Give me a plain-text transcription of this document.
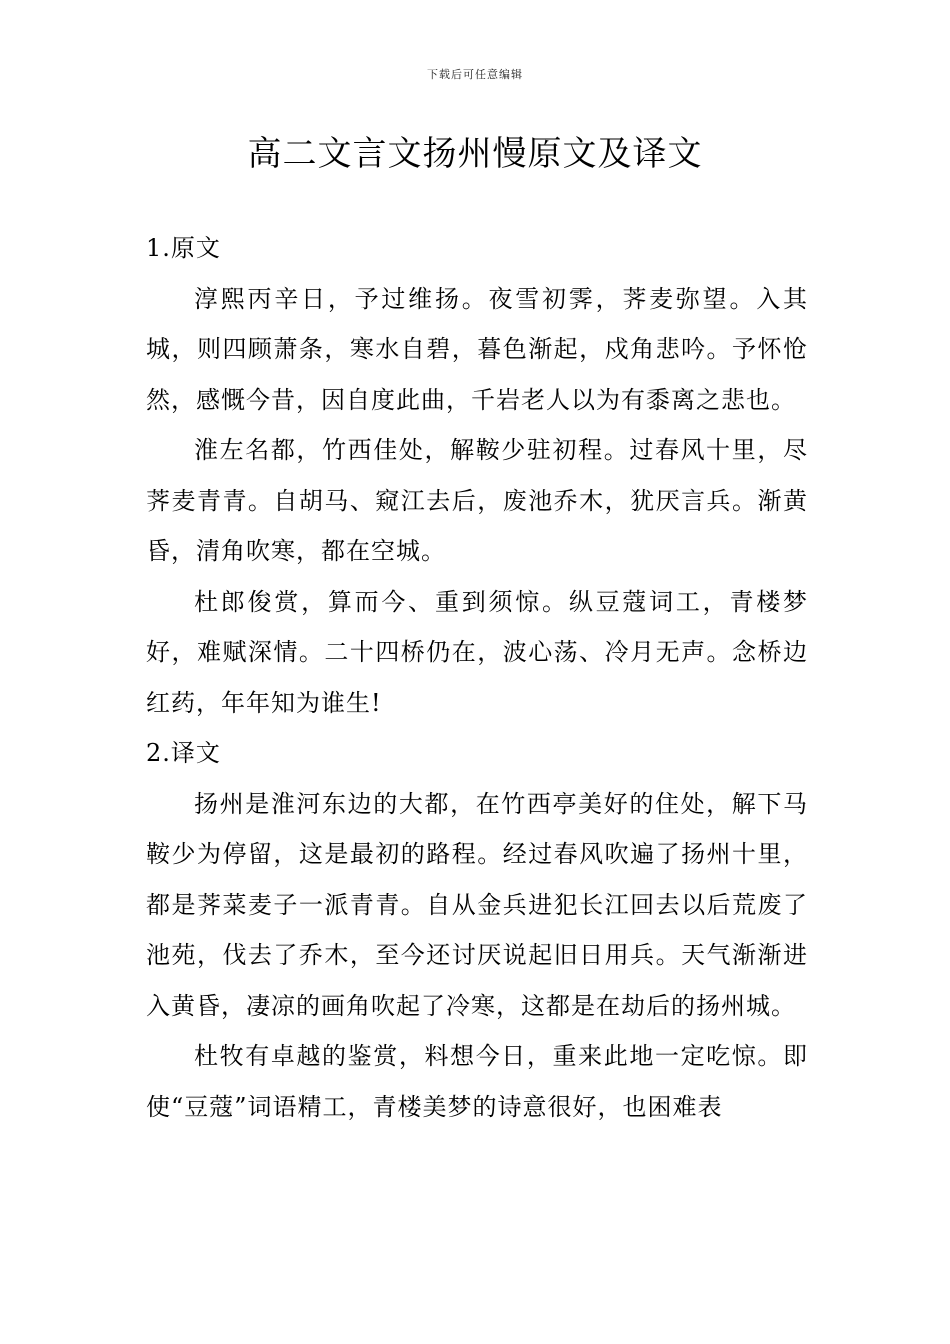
下载后可任意编辑
高二文言文扬州慢原文及译文

1.原文

淳熙丙辛日，予过维扬。夜雪初霁，荠麦弥望。入其城，则四顾萧条，寒水自碧，暮色渐起，戍角悲吟。予怀怆然，感慨今昔，因自度此曲，千岩老人以为有黍离之悲也。

淮左名都，竹西佳处，解鞍少驻初程。过春风十里，尽荠麦青青。自胡马、窥江去后，废池乔木，犹厌言兵。渐黄昏，清角吹寒，都在空城。

杜郎俊赏，算而今、重到须惊。纵豆蔻词工，青楼梦好，难赋深情。二十四桥仍在，波心荡、冷月无声。念桥边红药，年年知为谁生!

2.译文

扬州是淮河东边的大都，在竹西亭美好的住处，解下马鞍少为停留，这是最初的路程。经过春风吹遍了扬州十里，都是荠菜麦子一派青青。自从金兵进犯长江回去以后荒废了池苑，伐去了乔木，至今还讨厌说起旧日用兵。天气渐渐进入黄昏，凄凉的画角吹起了冷寒，这都是在劫后的扬州城。

杜牧有卓越的鉴赏，料想今日，重来此地一定吃惊。即使“豆蔻”词语精工，青楼美梦的诗意很好，也困难表
